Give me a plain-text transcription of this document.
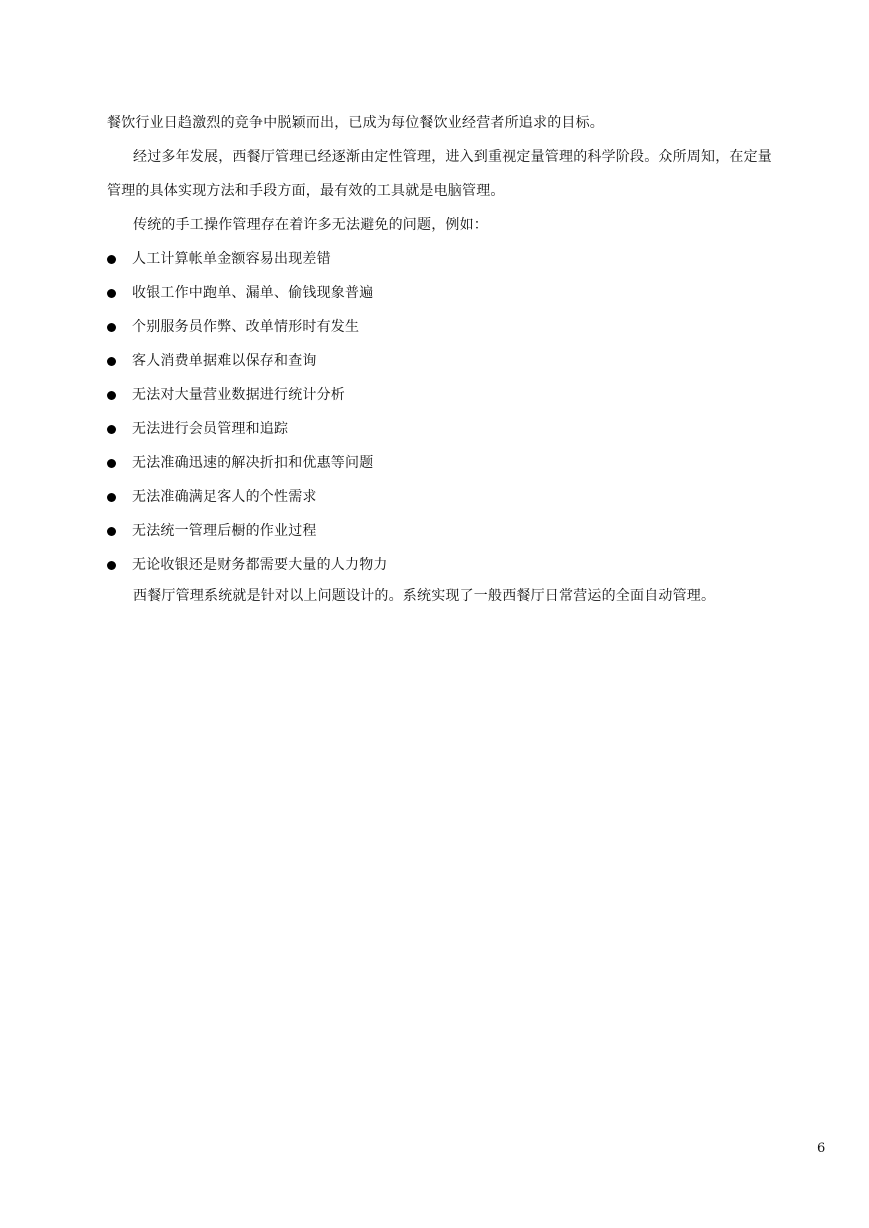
餐饮行业日趋激烈的竞争中脱颖而出，已成为每位餐饮业经营者所追求的目标。
经过多年发展，西餐厅管理已经逐渐由定性管理，进入到重视定量管理的科学阶段。众所周知，在定量
管理的具体实现方法和手段方面，最有效的工具就是电脑管理。
传统的手工操作管理存在着许多无法避免的问题，例如：
人工计算帐单金额容易出现差错
收银工作中跑单、漏单、偷钱现象普遍
个别服务员作弊、改单情形时有发生
客人消费单据难以保存和查询
无法对大量营业数据进行统计分析
无法进行会员管理和追踪
无法准确迅速的解决折扣和优惠等问题
无法准确满足客人的个性需求
无法统一管理后橱的作业过程
无论收银还是财务都需要大量的人力物力
西餐厅管理系统就是针对以上问题设计的。系统实现了一般西餐厅日常营运的全面自动管理。
6
